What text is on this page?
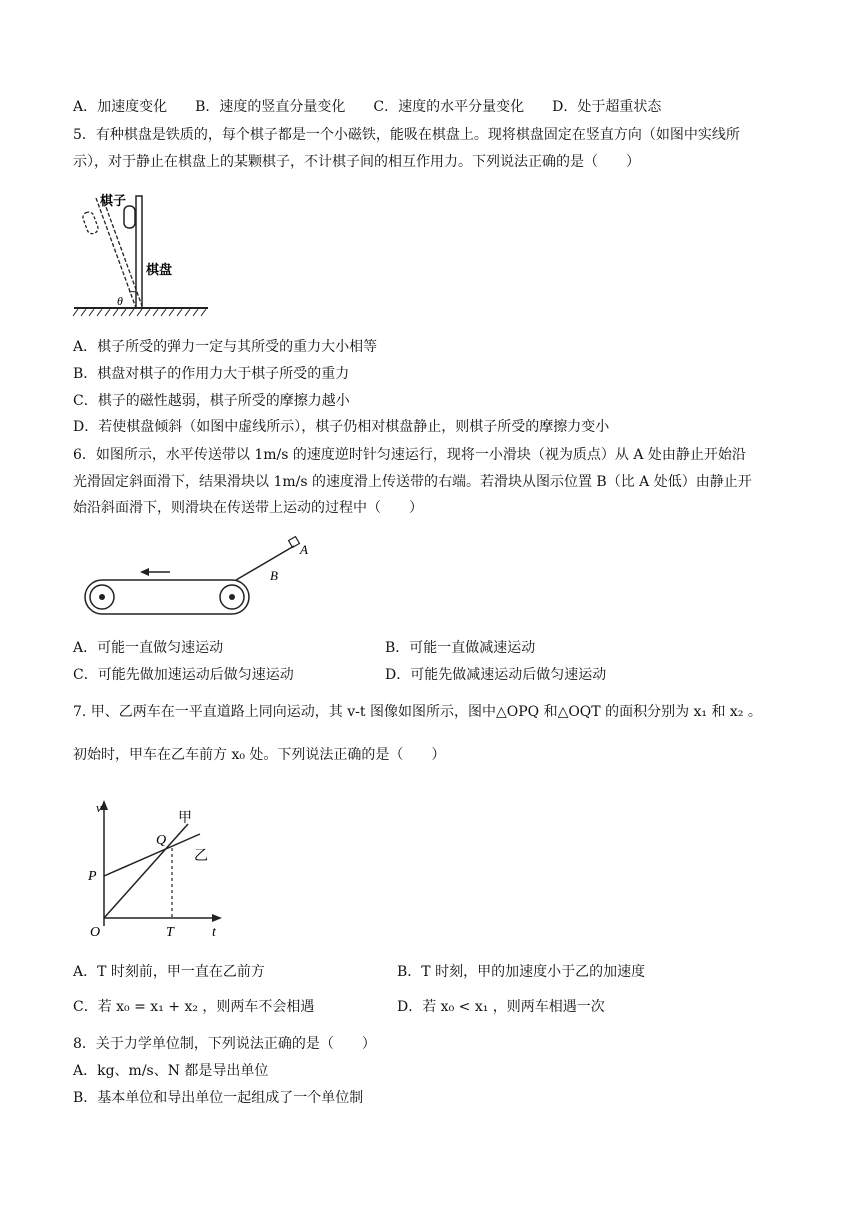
A．加速度变化　　B．速度的竖直分量变化　　C．速度的水平分量变化　　D．处于超重状态
5．有种棋盘是铁质的，每个棋子都是一个小磁铁，能吸在棋盘上。现将棋盘固定在竖直方向（如图中实线所
示），对于静止在棋盘上的某颗棋子，不计棋子间的相互作用力。下列说法正确的是（　　）
棋子
棋盘
θ
A．棋子所受的弹力一定与其所受的重力大小相等
B．棋盘对棋子的作用力大于棋子所受的重力
C．棋子的磁性越弱，棋子所受的摩擦力越小
D．若使棋盘倾斜（如图中虚线所示），棋子仍相对棋盘静止，则棋子所受的摩擦力变小
6．如图所示，水平传送带以 1m/s 的速度逆时针匀速运行，现将一小滑块（视为质点）从 A 处由静止开始沿
光滑固定斜面滑下，结果滑块以 1m/s 的速度滑上传送带的右端。若滑块从图示位置 B（比 A 处低）由静止开
始沿斜面滑下，则滑块在传送带上运动的过程中（　　）
A
B
A．可能一直做匀速运动	B．可能一直做减速运动
C．可能先做加速运动后做匀速运动	D．可能先做减速运动后做匀速运动
7. 甲、乙两车在一平直道路上同向运动，其 v-t 图像如图所示，图中△OPQ 和△OQT 的面积分别为 x₁ 和 x₂ 。
初始时，甲车在乙车前方 x₀ 处。下列说法正确的是（　　）
v
t
O
P
Q
T
甲
乙
A．T 时刻前，甲一直在乙前方	B．T 时刻，甲的加速度小于乙的加速度
C．若 x₀ = x₁ + x₂ ，则两车不会相遇	D．若 x₀ < x₁ ，则两车相遇一次
8．关于力学单位制，下列说法正确的是（　　）
A．kg、m/s、N 都是导出单位
B．基本单位和导出单位一起组成了一个单位制
